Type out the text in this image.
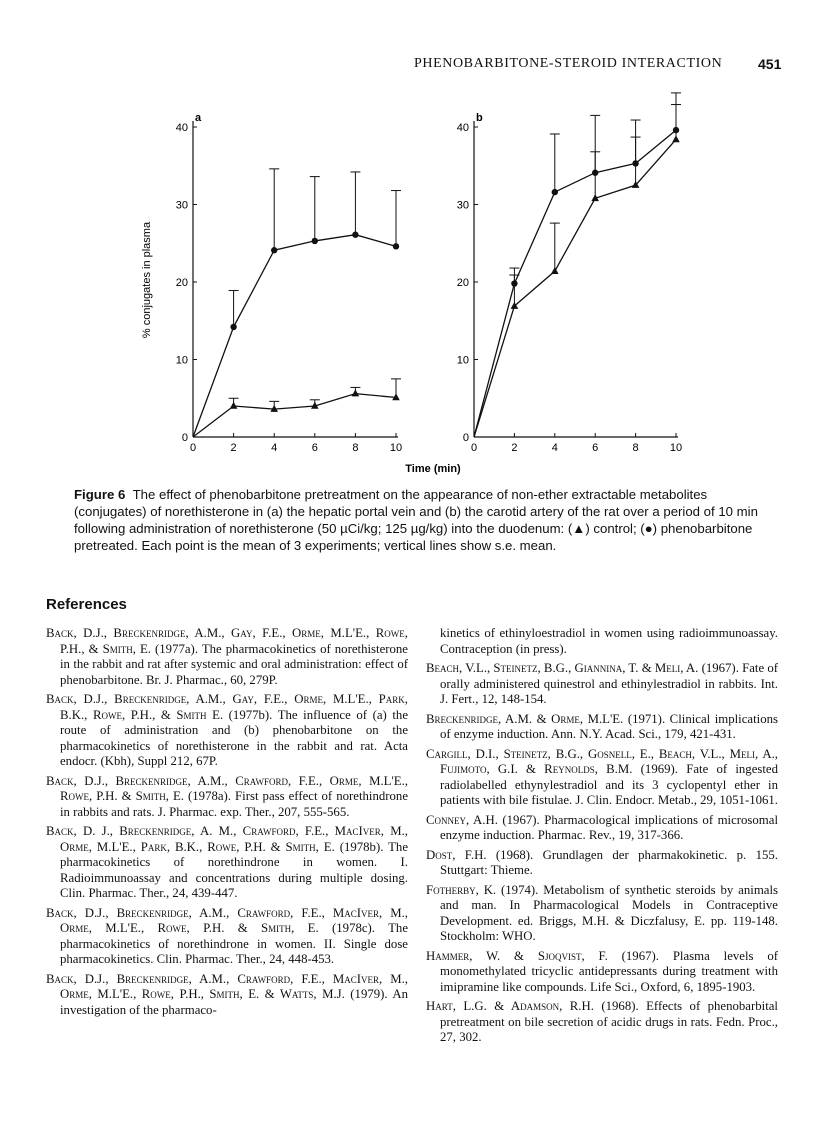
PHENOBARBITONE-STEROID INTERACTION	451
0	2	4	6	8	10
0
10
20
30
40
a
0	2	4	6	8	10
0
10
20
30
40
b
% conjugates in plasma
Time (min)
Figure 6 The effect of phenobarbitone pretreatment on the appearance of non-ether extractable metabolites (conjugates) of norethisterone in (a) the hepatic portal vein and (b) the carotid artery of the rat over a period of 10 min following administration of norethisterone (50 µCi/kg; 125 µg/kg) into the duodenum: (▲) control; (●) phenobarbitone pretreated. Each point is the mean of 3 experiments; vertical lines show s.e. mean.
References
Back, D.J., Breckenridge, A.M., Gay, F.E., Orme, M.L'E., Rowe, P.H., & Smith, E. (1977a). The pharmacokinetics of norethisterone in the rabbit and rat after systemic and oral administration: effect of phenobarbitone. Br. J. Pharmac., 60, 279P.
Back, D.J., Breckenridge, A.M., Gay, F.E., Orme, M.L'E., Park, B.K., Rowe, P.H., & Smith E. (1977b). The influence of (a) the route of administration and (b) phenobarbitone on the pharmacokinetics of norethisterone in the rabbit and rat. Acta endocr. (Kbh), Suppl 212, 67P.
Back, D.J., Breckenridge, A.M., Crawford, F.E., Orme, M.L'E., Rowe, P.H. & Smith, E. (1978a). First pass effect of norethindrone in rabbits and rats. J. Pharmac. exp. Ther., 207, 555-565.
Back, D. J., Breckenridge, A. M., Crawford, F.E., MacIver, M., Orme, M.L'E., Park, B.K., Rowe, P.H. & Smith, E. (1978b). The pharmacokinetics of norethindrone in women. I. Radioimmunoassay and concentrations during multiple dosing. Clin. Pharmac. Ther., 24, 439-447.
Back, D.J., Breckenridge, A.M., Crawford, F.E., MacIver, M., Orme, M.L'E., Rowe, P.H. & Smith, E. (1978c). The pharmacokinetics of norethindrone in women. II. Single dose pharmacokinetics. Clin. Pharmac. Ther., 24, 448-453.
Back, D.J., Breckenridge, A.M., Crawford, F.E., MacIver, M., Orme, M.L'E., Rowe, P.H., Smith, E. & Watts, M.J. (1979). An investigation of the pharmaco-
kinetics of ethinyloestradiol in women using radioimmunoassay. Contraception (in press).
Beach, V.L., Steinetz, B.G., Giannina, T. & Meli, A. (1967). Fate of orally administered quinestrol and ethinylestradiol in rabbits. Int. J. Fert., 12, 148-154.
Breckenridge, A.M. & Orme, M.L'E. (1971). Clinical implications of enzyme induction. Ann. N.Y. Acad. Sci., 179, 421-431.
Cargill, D.I., Steinetz, B.G., Gosnell, E., Beach, V.L., Meli, A., Fujimoto, G.I. & Reynolds, B.M. (1969). Fate of ingested radiolabelled ethynylestradiol and its 3 cyclopentyl ether in patients with bile fistulae. J. Clin. Endocr. Metab., 29, 1051-1061.
Conney, A.H. (1967). Pharmacological implications of microsomal enzyme induction. Pharmac. Rev., 19, 317-366.
Dost, F.H. (1968). Grundlagen der pharmakokinetic. p. 155. Stuttgart: Thieme.
Fotherby, K. (1974). Metabolism of synthetic steroids by animals and man. In Pharmacological Models in Contraceptive Development. ed. Briggs, M.H. & Diczfalusy, E. pp. 119-148. Stockholm: WHO.
Hammer, W. & Sjoqvist, F. (1967). Plasma levels of monomethylated tricyclic antidepressants during treatment with imipramine like compounds. Life Sci., Oxford, 6, 1895-1903.
Hart, L.G. & Adamson, R.H. (1968). Effects of phenobarbital pretreatment on bile secretion of acidic drugs in rats. Fedn. Proc., 27, 302.
